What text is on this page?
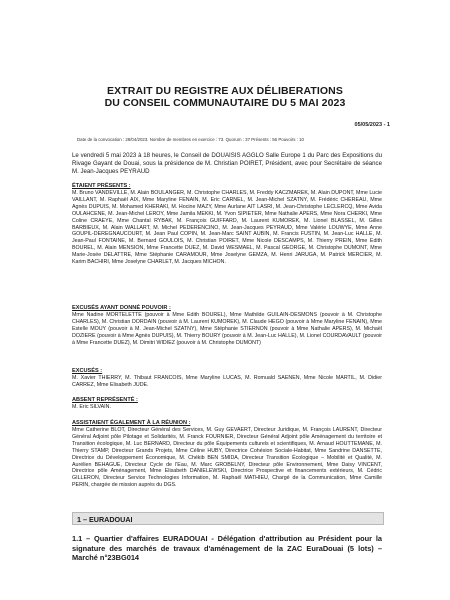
EXTRAIT DU REGISTRE AUX DÉLIBERATIONS
DU CONSEIL COMMUNAUTAIRE DU 5 MAI 2023
05/05/2023 - 1
Date de la convocation : 28/04/2023. Nombre de membres en exercice : 73. Quorum : 37 Présents : 56 Pouvoirs : 10
Le vendredi 5 mai 2023 à 18 heures, le Conseil de DOUAISIS AGGLO Salle Europe 1 du Parc des Expositions du Rivage Gayant de Douai, sous la présidence de M. Christian POIRET, Président, avec pour Secrétaire de séance M. Jean-Jacques PEYRAUD
ÉTAIENT PRÉSENTS :
M. Bruno VANDEVILLE, M. Alain BOULANGER, M. Christophe CHARLES, M. Freddy KACZMAREK, M. Alain DUPONT, Mme Lucie VAILLANT, M. Raphaël AIX, Mme Maryline FENAIN, M. Eric CARNEL, M. Jean-Michel SZATNY, M. Frédéric CHEREAU, Mme Agnès DUPUIS, M. Mohamed KHERAKI, M. Hocine MAZY, Mme Aurlane AIT LASRI, M. Jean-Christophe LECLERCQ, Mme Avida OULAHCENE, M. Jean-Michel LEROY, Mme Jamila MEKKI, M. Yvon SIPIETER, Mme Nathalie APERS, Mme Nora CHERKI, Mme Coline CRAEYE, Mme Chantal RYBAK, M. François GUIFFARD, M. Laurent KUMOREK, M. Lionel BLASSEL, M. Gilles BARBIEUX, M. Alain WALLART, M. Michel PEDERENCINO, M. Jean-Jacques PEYRAUD, Mme Valérie LOUWYE, Mme Anne GOUPIL-DEREGNAUCOURT, M. Jean Paul COPIN, M. Jean-Marc SAINT AUBIN, M. Francis FUSTIN, M. Jean-Luc HALLE, M. Jean-Paul FONTAINE, M. Bernard GOULOIS, M. Christian POIRET, Mme Nicole DESCAMPS, M. Thierry PREIN, Mme Edith BOUREL, M. Alain MENSION, Mme Francette DUEZ, M. David WESMAEL, M. Pascal GEORGE, M. Christophe DUMONT, Mme Marie-Josée DELATTRE, Mme Stéphanie CARAMOUR, Mme Joselyne GEMZA, M. Henri JARUGA, M. Patrick MERCIER, M. Karim BACHIRI, Mme Joselyne CHARLET, M. Jacques MICHON.
EXCUSÉS AYANT DONNÉ POUVOIR :
Mme Nadine MORTELETTE (pouvoir à Mme Edith BOUREL), Mme Mathilde GUILAIN-DESMONS (pouvoir à M. Christophe CHARLES), M. Christian DORDAIN (pouvoir à M. Laurent KUMOREK), M. Claude HEGO (pouvoir à Mme Maryline FENAIN), Mme Estelle MOUY (pouvoir à M. Jean-Michel SZATNY), Mme Stéphanie STIERNON (pouvoir à Mme Nathalie APERS), M. Michaël DOZIERE (pouvoir à Mme Agnès DUPUIS), M. Thierry BOURY (pouvoir à M. Jean-Luc HALLE), M. Lionel COURDAVAULT (pouvoir à Mme Francette DUEZ), M. Dimitri WIDIEZ (pouvoir à M. Christophe DUMONT)
EXCUSÉS :
M. Xavier THIERRY, M. Thibaut FRANCOIS, Mme Maryline LUCAS, M. Romuald SAENEN, Mme Nicole MARTIL, M. Didier CARREZ, Mme Elisabeth JUDE.
ABSENT REPRÉSENTÉ :
M. Eric SILVAIN.
ASSISTAIENT ÉGALEMENT À LA RÉUNION :
Mme Catherine BLOT, Directeur Général des Services, M. Guy GEVAERT, Directeur Juridique, M. François LAURENT, Directeur Général Adjoint pôle Pilotage et Solidarités, M. Franck FOURNIER, Directeur Général Adjoint pôle Aménagement du territoire et Transition écologique, M. Luc BERNARD, Directeur du pôle Équipements culturels et scientifiques, M. Arnaud HOUTTEMANE, M. Thierry STAMP, Directeur Grands Projets, Mme Céline HUBY, Directrice Cohésion Sociale-Habitat, Mme Sandrine DANSETTE, Directrice du Développement Économique, M. Chékib BEN SMIDA, Directeur Transition Écologique – Mobilité et Qualité, M. Aurélien BEHAGUE, Directeur Cycle de l'Eau, M. Marc GROBELNY, Directeur pôle Environnement, Mme Daisy VINCENT, Directrice pôle Aménagement, Mme Elisabeth DANIELEWSKI, Directrice Prospective et financements extérieurs, M. Cédric GILLERON, Directeur Service Technologies Information, M. Raphaël MATHIEU, Chargé de la Communication, Mme Camille PERIN, chargée de mission auprès du DGS.
1 – EURADOUAI
1.1 – Quartier d'affaires EURADOUAI - Délégation d'attribution au Président pour la signature des marchés de travaux d'aménagement de la ZAC EuraDouai (5 lots) – Marché n°23BG014
